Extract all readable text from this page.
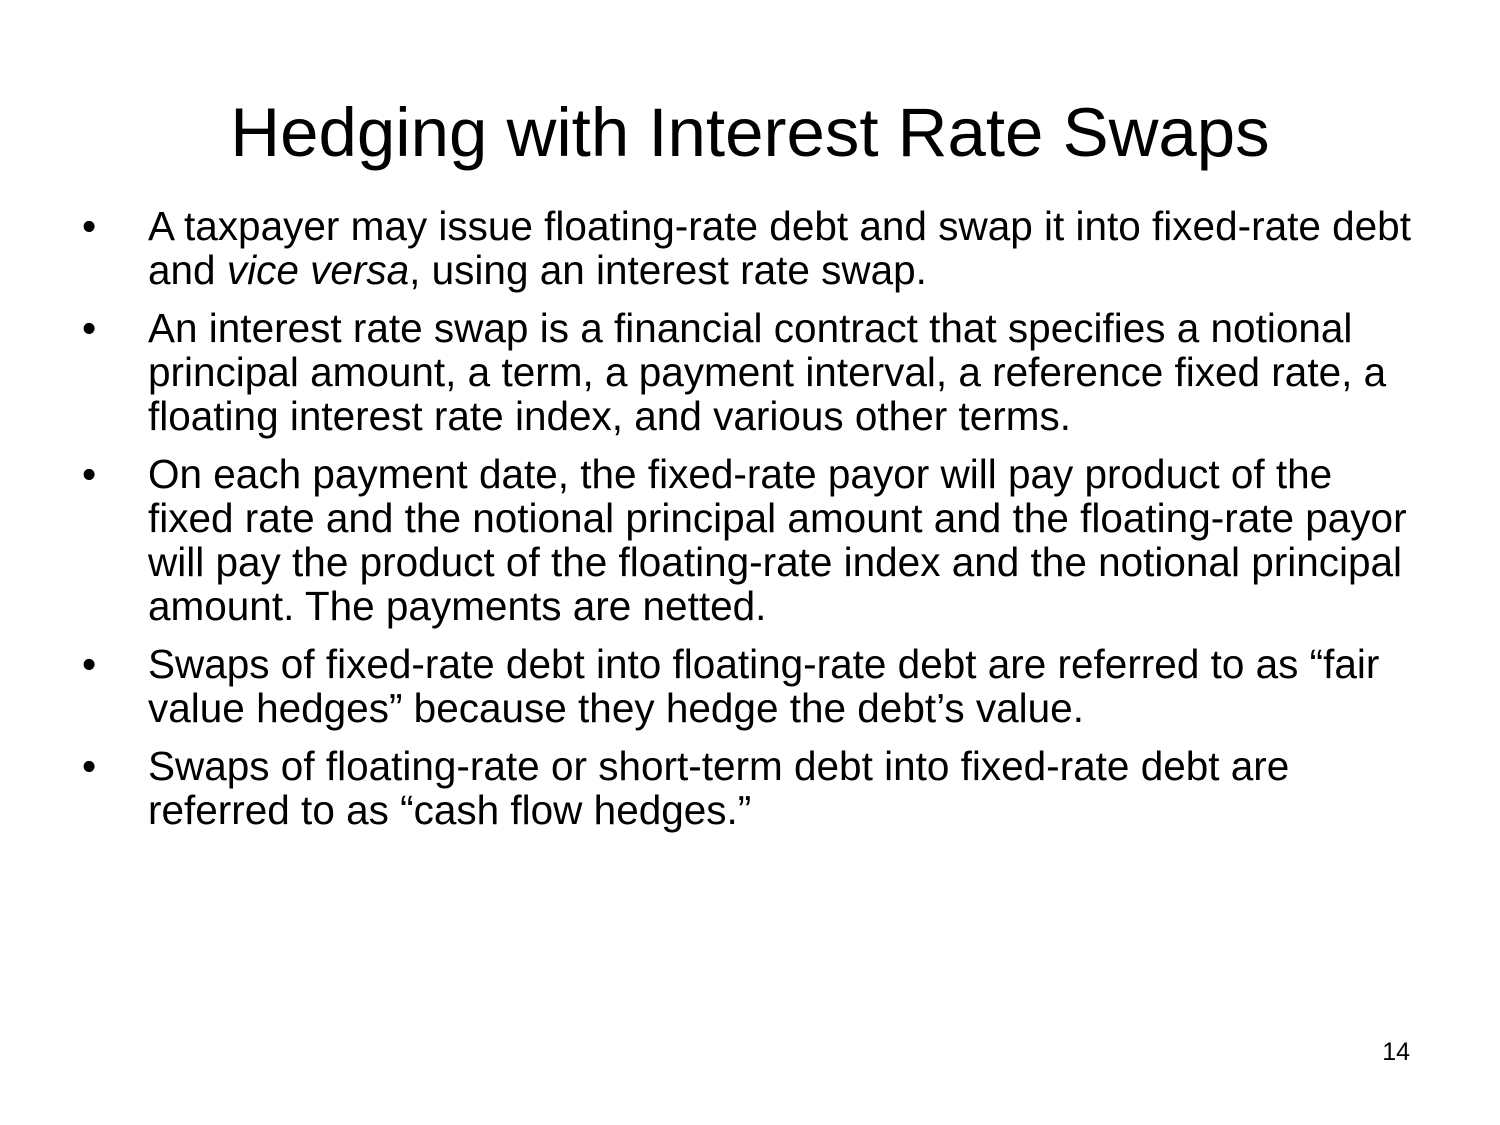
Hedging with Interest Rate Swaps
•	A taxpayer may issue floating-rate debt and swap it into fixed-rate debt and vice versa, using an interest rate swap.
•	An interest rate swap is a financial contract that specifies a notional principal amount, a term, a payment interval, a reference fixed rate, a floating interest rate index, and various other terms.
•	On each payment date, the fixed-rate payor will pay product of the fixed rate and the notional principal amount and the floating-rate payor will pay the product of the floating-rate index and the notional principal amount. The payments are netted.
•	Swaps of fixed-rate debt into floating-rate debt are referred to as “fair value hedges” because they hedge the debt’s value.
•	Swaps of floating-rate or short-term debt into fixed-rate debt are referred to as “cash flow hedges.”
14
